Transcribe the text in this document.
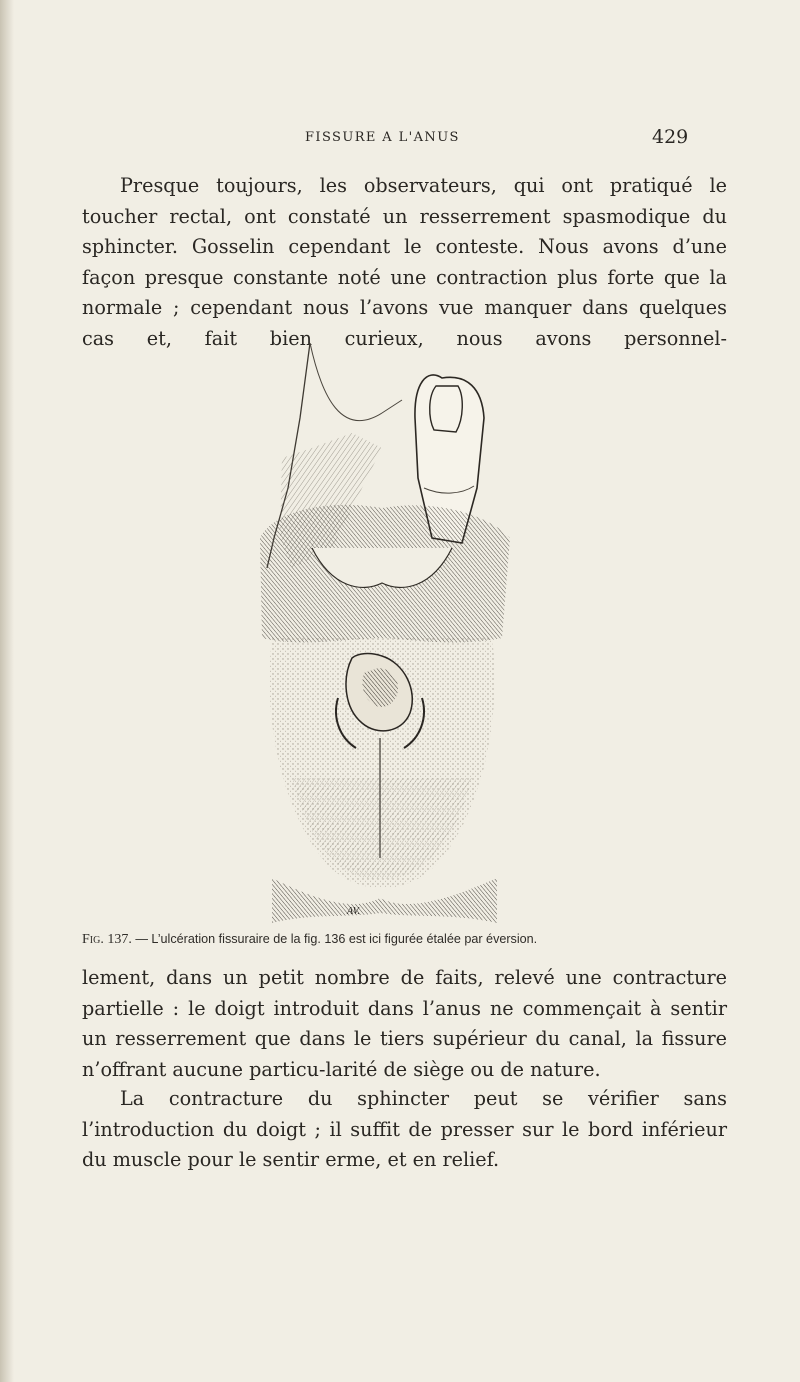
FISSURE A L'ANUS	429

Presque toujours, les observateurs, qui ont pratiqué le toucher rectal, ont constaté un resserrement spasmodique du sphincter. Gosselin cependant le conteste. Nous avons d’une façon presque constante noté une contraction plus forte que la normale ; cependant nous l’avons vue manquer dans quelques cas et, fait bien curieux, nous avons personnel-

AV.
Fig. 137. — L’ulcération fissuraire de la fig. 136 est ici figurée étalée par éversion.

lement, dans un petit nombre de faits, relevé une contracture partielle : le doigt introduit dans l’anus ne commençait à sentir un resserrement que dans le tiers supérieur du canal, la fissure n’offrant aucune particu-larité de siège ou de nature.

La contracture du sphincter peut se vérifier sans l’introduction du doigt ; il suffit de presser sur le bord inférieur du muscle pour le sentir erme, et en relief.
